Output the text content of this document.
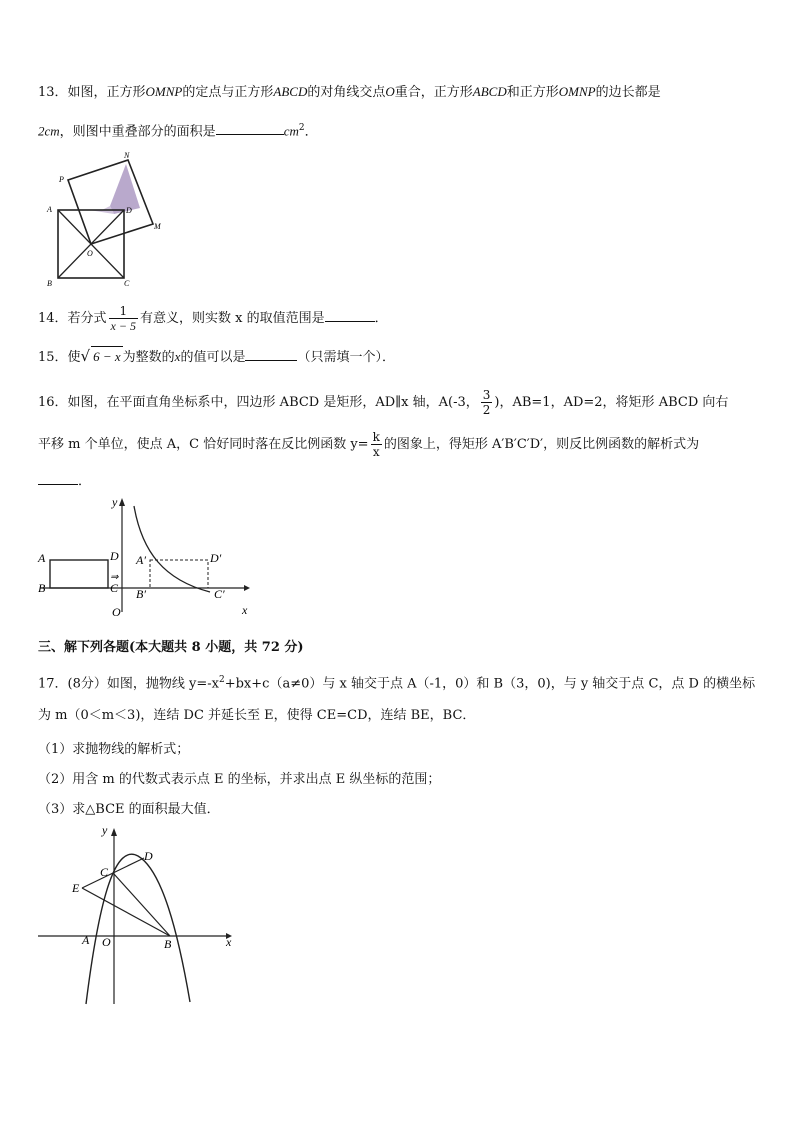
13．如图，正方形OMNP的定点与正方形ABCD的对角线交点O重合，正方形ABCD和正方形OMNP的边长都是
2cm，则图中重叠部分的面积是	$cm^2$．
N
P
A	D
M
O
B	C
14．若分式 $\frac{1}{x - 5}$ 有意义，则实数 x 的取值范围是	．
15．使√ 6 − x 为整数的x的值可以是	（只需填一个）．
16．如图，在平面直角坐标系中，四边形 ABCD 是矩形，AD∥x 轴，A(-3， $\frac{3}{2}$ )，AB=1，AD=2，将矩形 ABCD 向右
平移 m 个单位，使点 A，C 恰好同时落在反比例函数 $y= \frac{k}{x}$ 的图象上，得矩形 A′B′C′D′，则反比例函数的解析式为
．
y
x
O
A	D
B	C
⇒
A′	D′
B′	C′
三、解下列各题(本大题共 8 小题，共 72 分)
17．(8分）如图，抛物线 $y=-x^2+bx+c(a\ne 0)$与 x 轴交于点 A（-1，0）和 B（3，0)，与 y 轴交于点 C，点 D 的横坐标
为 m（0＜m＜3)，连结 DC 并延长至 E，使得 CE=CD，连结 BE，BC．
（1）求抛物线的解析式；
（2）用含 m 的代数式表示点 E 的坐标，并求出点 E 纵坐标的范围；
（3）求△BCE 的面积最大值．
y
x
C
D
E
A O	B
